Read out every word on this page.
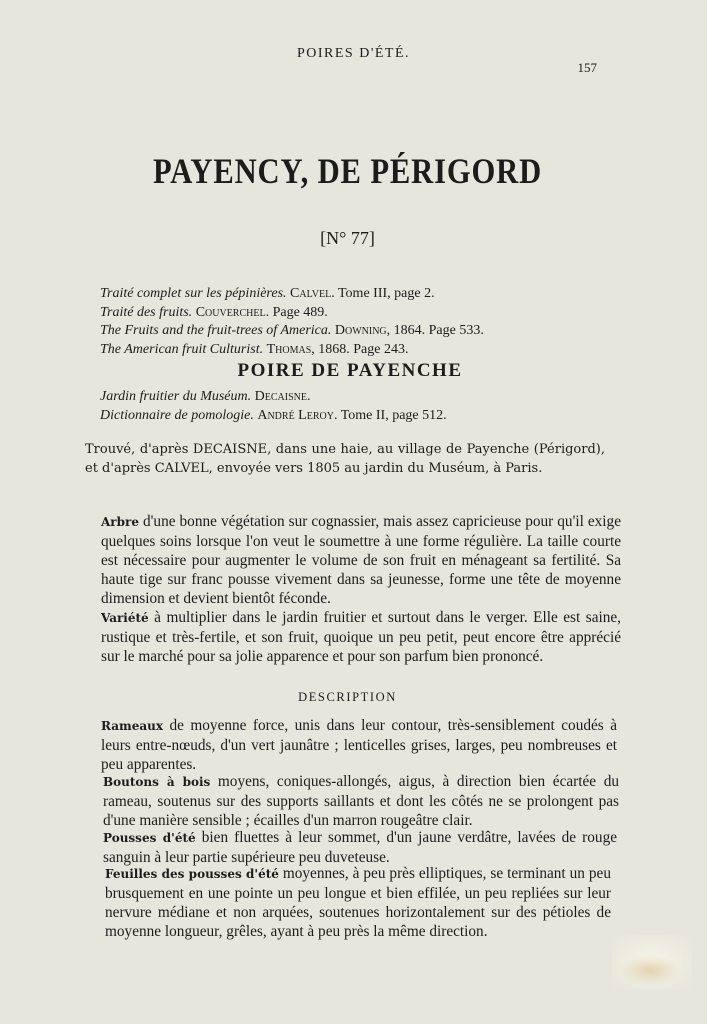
POIRES D'ÉTÉ.
157
PAYENCY, DE PÉRIGORD
[N° 77]
Traité complet sur les pépinières. Calvel. Tome III, page 2.
Traité des fruits. Couverchel. Page 489.
The Fruits and the fruit-trees of America. Downing, 1864. Page 533.
The American fruit Culturist. Thomas, 1868. Page 243.
POIRE DE PAYENCHE
Jardin fruitier du Muséum. Decaisne.
Dictionnaire de pomologie. André Leroy. Tome II, page 512.

Trouvé, d'après DECAISNE, dans une haie, au village de Payenche (Périgord), et d'après CALVEL, envoyée vers 1805 au jardin du Muséum, à Paris.

Arbre d'une bonne végétation sur cognassier, mais assez capricieuse pour qu'il exige quelques soins lorsque l'on veut le soumettre à une forme régulière. La taille courte est nécessaire pour augmenter le volume de son fruit en ménageant sa fertilité. Sa haute tige sur franc pousse vivement dans sa jeunesse, forme une tête de moyenne dimension et devient bientôt féconde.

Variété à multiplier dans le jardin fruitier et surtout dans le verger. Elle est saine, rustique et très-fertile, et son fruit, quoique un peu petit, peut encore être apprécié sur le marché pour sa jolie apparence et pour son parfum bien prononcé.

DESCRIPTION

Rameaux de moyenne force, unis dans leur contour, très-sensiblement coudés à leurs entre-nœuds, d'un vert jaunâtre ; lenticelles grises, larges, peu nombreuses et peu apparentes.

Boutons à bois moyens, coniques-allongés, aigus, à direction bien écartée du rameau, soutenus sur des supports saillants et dont les côtés ne se prolongent pas d'une manière sensible ; écailles d'un marron rougeâtre clair.

Pousses d'été bien fluettes à leur sommet, d'un jaune verdâtre, lavées de rouge sanguin à leur partie supérieure peu duveteuse.

Feuilles des pousses d'été moyennes, à peu près elliptiques, se terminant un peu brusquement en une pointe un peu longue et bien effilée, un peu repliées sur leur nervure médiane et non arquées, soutenues horizontalement sur des pétioles de moyenne longueur, grêles, ayant à peu près la même direction.
